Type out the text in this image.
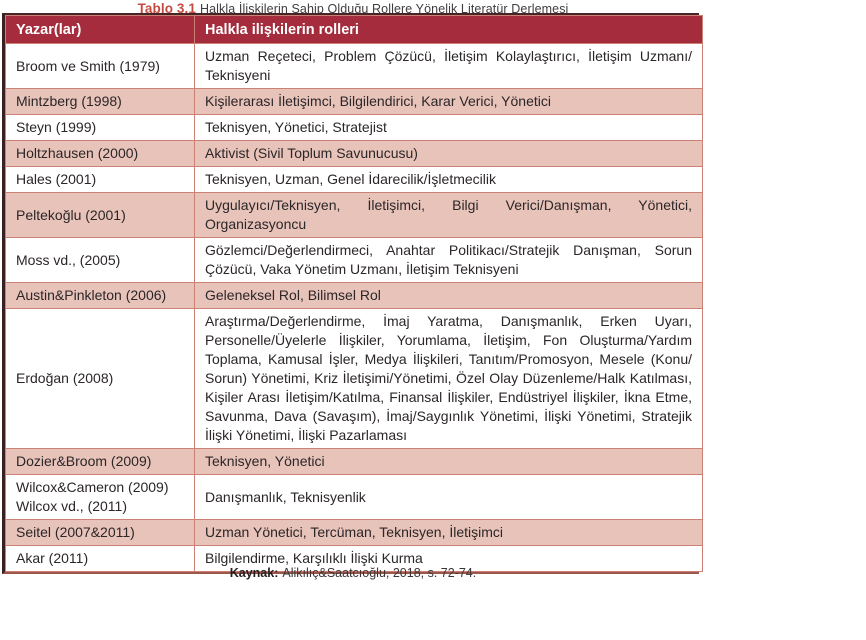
Tablo 3.1 Halkla İlişkilerin Sahip Olduğu Rollere Yönelik Literatür Derlemesi
Yazar(lar)	Halkla ilişkilerin rolleri
Broom ve Smith (1979)	Uzman Reçeteci, Problem Çözücü, İletişim Kolaylaştırıcı, İletişim Uzmanı/​Teknisyeni
Mintzberg (1998)	Kişilerarası İletişimci, Bilgilendirici, Karar Verici, Yönetici
Steyn (1999)	Teknisyen, Yönetici, Stratejist
Holtzhausen (2000)	Aktivist (Sivil Toplum Savunucusu)
Hales (2001)	Teknisyen, Uzman, Genel İdarecilik/İşletmecilik
Peltekoğlu (2001)	Uygulayıcı/Teknisyen, İletişimci, Bilgi Verici/Danışman, Yönetici, Organizasyoncu
Moss vd., (2005)	Gözlemci/Değerlendirmeci, Anahtar Politikacı/Stratejik Danışman, Sorun Çözücü, Vaka Yönetim Uzmanı, İletişim Teknisyeni
Austin&Pinkleton (2006)	Geleneksel Rol, Bilimsel Rol
Erdoğan (2008)	Araştırma/Değerlendirme, İmaj Yaratma, Danışmanlık, Erken Uyarı, Personelle/Üyelerle İlişkiler, Yorumlama, İletişim, Fon Oluşturma/Yardım Toplama, Kamusal İşler, Medya İlişkileri, Tanıtım/Promosyon, Mesele (Konu/​Sorun) Yönetimi, Kriz İletişimi/Yönetimi, Özel Olay Düzenleme/Halk Katılması, Kişiler Arası İletişim/Katılma, Finansal İlişkiler, Endüstriyel İlişkiler, İkna Etme, Savunma, Dava (Savaşım), İmaj/Saygınlık Yönetimi, İlişki Yönetimi, Stratejik İlişki Yönetimi, İlişki Pazarlaması
Dozier&Broom (2009)	Teknisyen, Yönetici
Wilcox&Cameron (2009) Wilcox vd., (2011)	Danışmanlık, Teknisyenlik
Seitel (2007&2011)	Uzman Yönetici, Tercüman, Teknisyen, İletişimci
Akar (2011)	Bilgilendirme, Karşılıklı İlişki Kurma
Kaynak: Alikılıç&Saatcıoğlu, 2018, s. 72-74.
